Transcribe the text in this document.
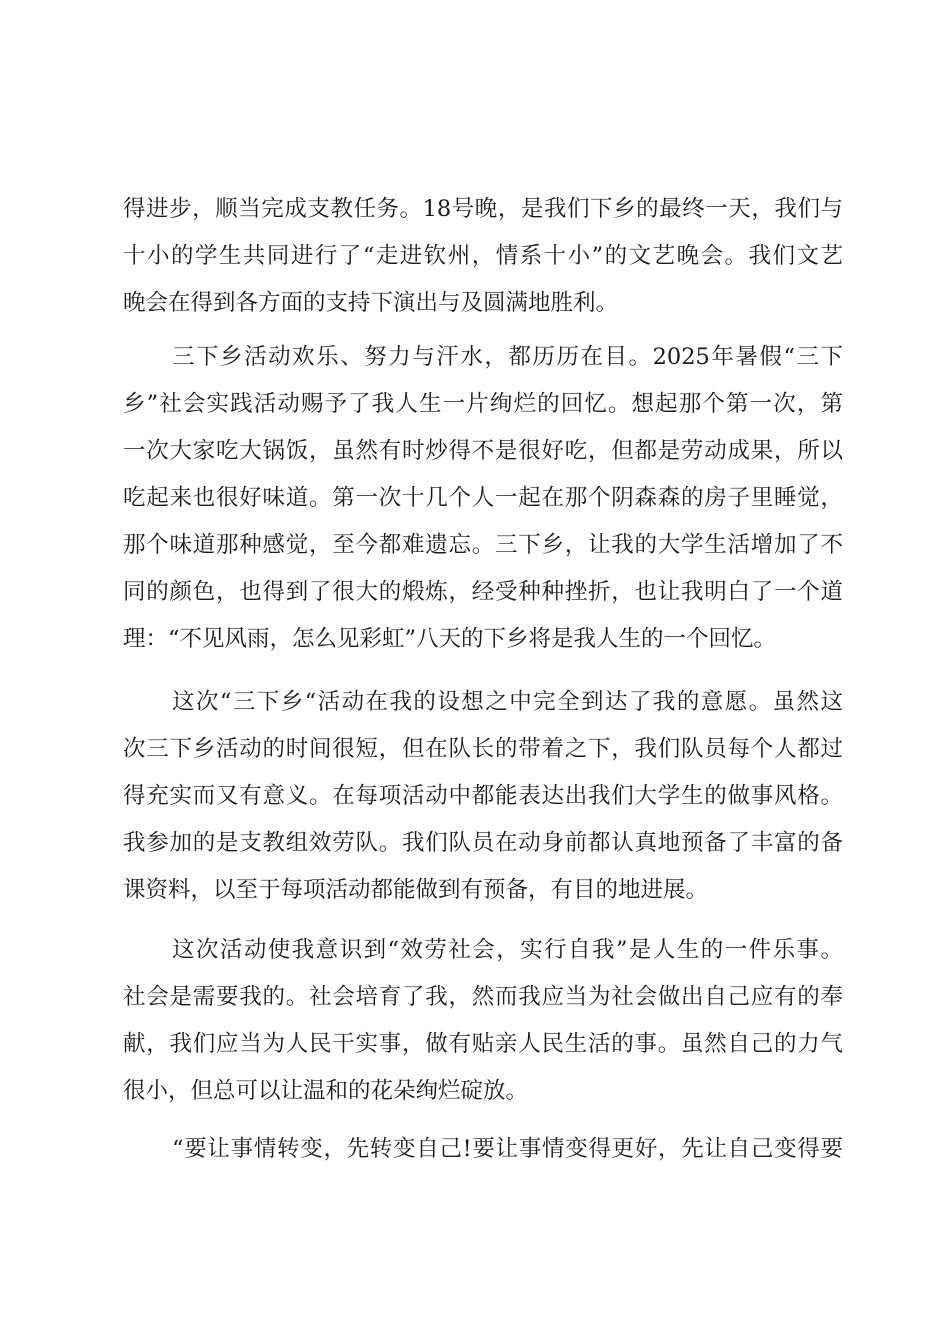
得进步，顺当完成支教任务。18号晚，是我们下乡的最终一天，我们与
十小的学生共同进行了“走进钦州，情系十小”的文艺晚会。我们文艺
晚会在得到各方面的支持下演出与及圆满地胜利。
三下乡活动欢乐、努力与汗水，都历历在目。2025年暑假“三下
乡”社会实践活动赐予了我人生一片绚烂的回忆。想起那个第一次，第
一次大家吃大锅饭，虽然有时炒得不是很好吃，但都是劳动成果，所以
吃起来也很好味道。第一次十几个人一起在那个阴森森的房子里睡觉，
那个味道那种感觉，至今都难遗忘。三下乡，让我的大学生活增加了不
同的颜色，也得到了很大的煅炼，经受种种挫折，也让我明白了一个道
理：“不见风雨，怎么见彩虹”八天的下乡将是我人生的一个回忆。
这次“三下乡“活动在我的设想之中完全到达了我的意愿。虽然这
次三下乡活动的时间很短，但在队长的带着之下，我们队员每个人都过
得充实而又有意义。在每项活动中都能表达出我们大学生的做事风格。
我参加的是支教组效劳队。我们队员在动身前都认真地预备了丰富的备
课资料，以至于每项活动都能做到有预备，有目的地进展。
这次活动使我意识到“效劳社会，实行自我”是人生的一件乐事。
社会是需要我的。社会培育了我，然而我应当为社会做出自己应有的奉
献，我们应当为人民干实事，做有贴亲人民生活的事。虽然自己的力气
很小，但总可以让温和的花朵绚烂碇放。
“要让事情转变，先转变自己!要让事情变得更好，先让自己变得要
